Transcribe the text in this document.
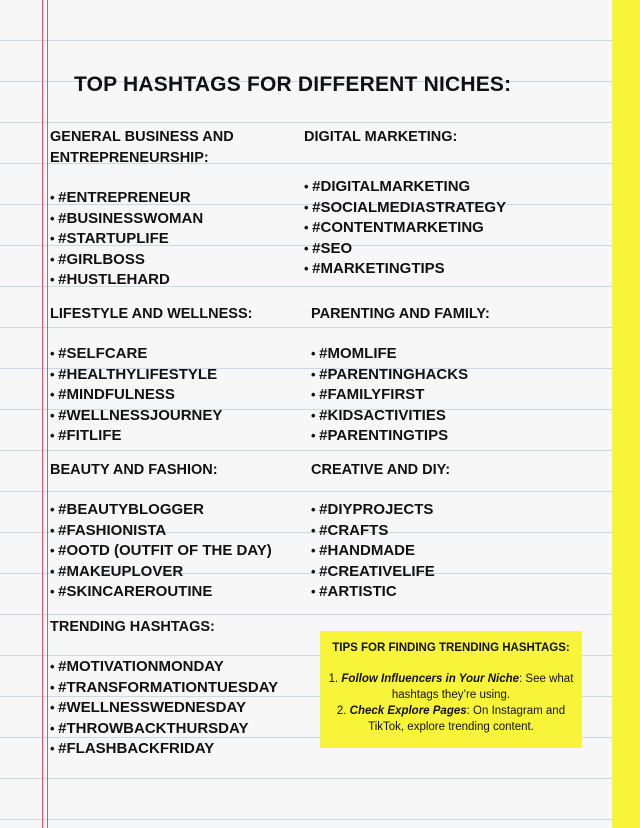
TOP HASHTAGS FOR DIFFERENT NICHES:
GENERAL BUSINESS AND ENTREPRENEURSHIP:
• #ENTREPRENEUR
• #BUSINESSWOMAN
• #STARTUPLIFE
• #GIRLBOSS
• #HUSTLEHARD
DIGITAL MARKETING:
• #DIGITALMARKETING
• #SOCIALMEDIASTRATEGY
• #CONTENTMARKETING
• #SEO
• #MARKETINGTIPS
LIFESTYLE AND WELLNESS:
• #SELFCARE
• #HEALTHYLIFESTYLE
• #MINDFULNESS
• #WELLNESSJOURNEY
• #FITLIFE
PARENTING AND FAMILY:
• #MOMLIFE
• #PARENTINGHACKS
• #FAMILYFIRST
• #KIDSACTIVITIES
• #PARENTINGTIPS
BEAUTY AND FASHION:
• #BEAUTYBLOGGER
• #FASHIONISTA
• #OOTD (OUTFIT OF THE DAY)
• #MAKEUPLOVER
• #SKINCAREROUTINE
CREATIVE AND DIY:
• #DIYPROJECTS
• #CRAFTS
• #HANDMADE
• #CREATIVELIFE
• #ARTISTIC
TRENDING HASHTAGS:
• #MOTIVATIONMONDAY
• #TRANSFORMATIONTUESDAY
• #WELLNESSWEDNESDAY
• #THROWBACKTHURSDAY
• #FLASHBACKFRIDAY
TIPS FOR FINDING TRENDING HASHTAGS:

1. Follow Influencers in Your Niche: See what hashtags they’re using.

2. Check Explore Pages: On Instagram and TikTok, explore trending content.
